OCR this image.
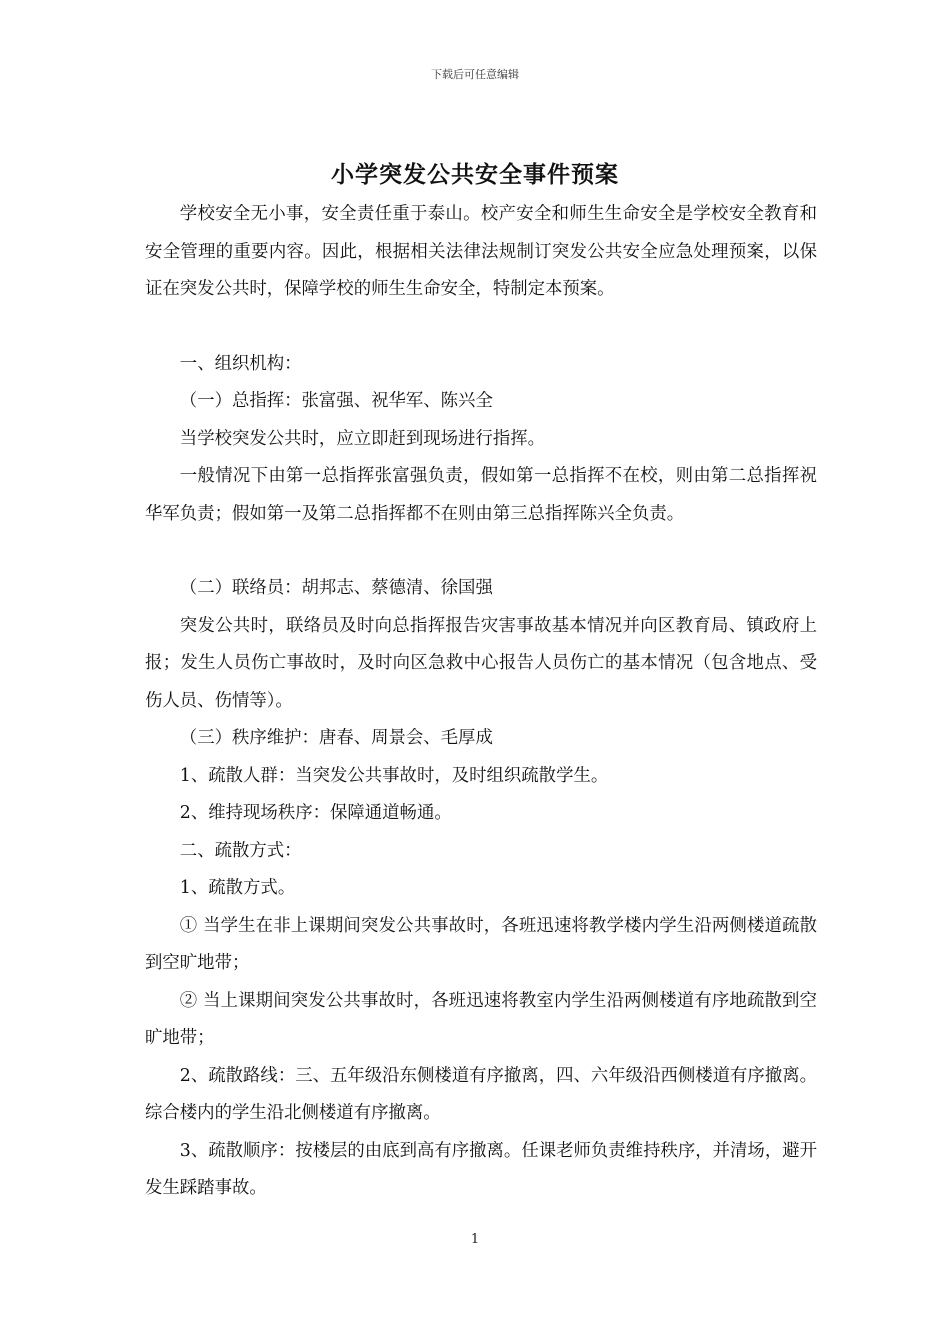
下载后可任意编辑
小学突发公共安全事件预案

学校安全无小事，安全责任重于泰山。校产安全和师生生命安全是学校安全教育和安全管理的重要内容。因此，根据相关法律法规制订突发公共安全应急处理预案，以保证在突发公共时，保障学校的师生生命安全，特制定本预案。

一、组织机构：

（一）总指挥：张富强、祝华军、陈兴全

当学校突发公共时，应立即赶到现场进行指挥。

一般情况下由第一总指挥张富强负责，假如第一总指挥不在校，则由第二总指挥祝华军负责；假如第一及第二总指挥都不在则由第三总指挥陈兴全负责。

（二）联络员：胡邦志、蔡德清、徐国强

突发公共时，联络员及时向总指挥报告灾害事故基本情况并向区教育局、镇政府上报；发生人员伤亡事故时，及时向区急救中心报告人员伤亡的基本情况（包含地点、受伤人员、伤情等）。

（三）秩序维护：唐春、周景会、毛厚成

1、疏散人群：当突发公共事故时，及时组织疏散学生。

2、维持现场秩序：保障通道畅通。

二、疏散方式：

1、疏散方式。

① 当学生在非上课期间突发公共事故时，各班迅速将教学楼内学生沿两侧楼道疏散到空旷地带；

② 当上课期间突发公共事故时，各班迅速将教室内学生沿两侧楼道有序地疏散到空旷地带；

2、疏散路线：三、五年级沿东侧楼道有序撤离，四、六年级沿西侧楼道有序撤离。综合楼内的学生沿北侧楼道有序撤离。

3、疏散顺序：按楼层的由底到高有序撤离。任课老师负责维持秩序，并清场，避开发生踩踏事故。

1
